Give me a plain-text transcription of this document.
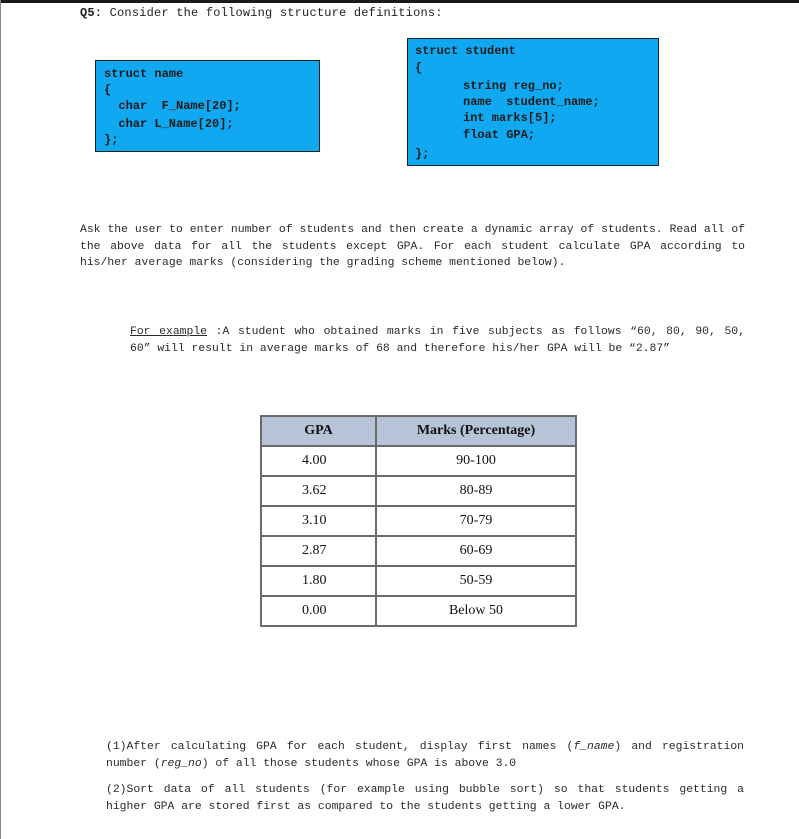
Q5: Consider the following structure definitions:
struct name
{
char  F_Name[20];
char L_Name[20];
};
struct student
{
string reg_no;
name  student_name;
int marks[5];
float GPA;
};
Ask the user to enter number of students and then create a dynamic array of students. Read all of the above data for all the students except GPA. For each student calculate GPA according to his/her average marks (considering the grading scheme mentioned below).
For example :A student who obtained marks in five subjects as follows “60, 80, 90, 50, 60” will result in average marks of 68 and therefore his/her GPA will be “2.87”
GPA	Marks (Percentage)
4.00	90-100
3.62	80-89
3.10	70-79
2.87	60-69
1.80	50-59
0.00	Below 50
(1)After calculating GPA for each student, display first names (f_name) and registration number (reg_no) of all those students whose GPA is above 3.0
(2)Sort data of all students (for example using bubble sort) so that students getting a higher GPA are stored first as compared to the students getting a lower GPA.
